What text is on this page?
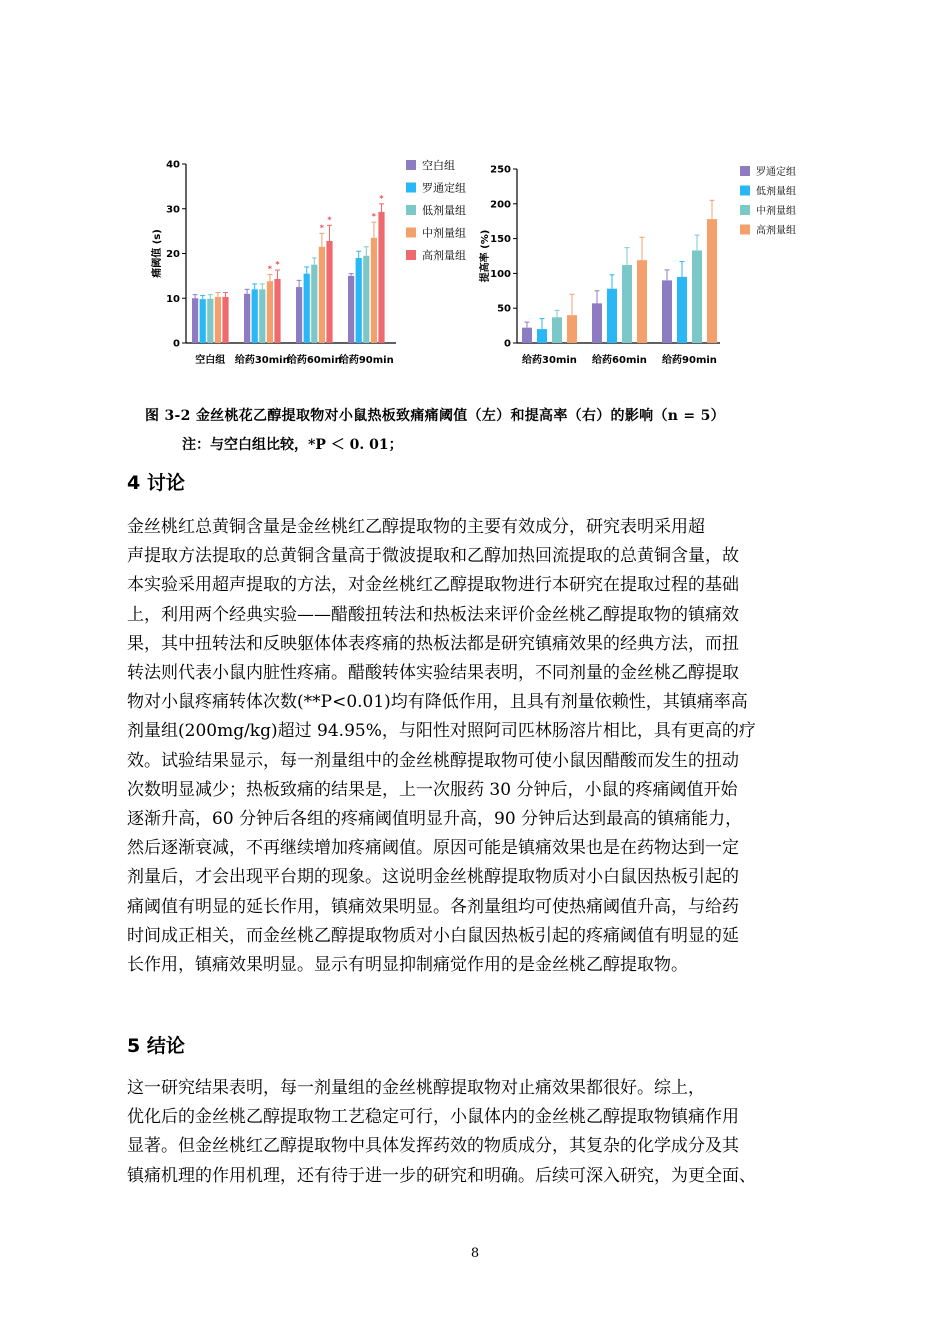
0
10
20
30
40
痛阈值 (s)
空白组
* *
给药30min
*
*
给药60min
*
*
给药90min
空白组
罗通定组
低剂量组
中剂量组
高剂量组
0
50
100
150
200
250
提高率 (%)
给药30min 给药60min 给药90min
罗通定组
低剂量组
中剂量组
高剂量组
图 3-2 金丝桃花乙醇提取物对小鼠热板致痛痛阈值（左）和提高率（右）的影响（n = 5）
注：与空白组比较，*P ＜ 0. 01；
4 讨论

金丝桃红总黄铜含量是金丝桃红乙醇提取物的主要有效成分，研究表明采用超

声提取方法提取的总黄铜含量高于微波提取和乙醇加热回流提取的总黄铜含量，故

本实验采用超声提取的方法，对金丝桃红乙醇提取物进行本研究在提取过程的基础

上，利用两个经典实验——醋酸扭转法和热板法来评价金丝桃乙醇提取物的镇痛效

果，其中扭转法和反映躯体体表疼痛的热板法都是研究镇痛效果的经典方法，而扭

转法则代表小鼠内脏性疼痛。醋酸转体实验结果表明，不同剂量的金丝桃乙醇提取

物对小鼠疼痛转体次数(**P<0.01)均有降低作用，且具有剂量依赖性，其镇痛率高

剂量组(200mg/kg)超过 94.95%，与阳性对照阿司匹林肠溶片相比，具有更高的疗

效。试验结果显示，每一剂量组中的金丝桃醇提取物可使小鼠因醋酸而发生的扭动

次数明显减少；热板致痛的结果是，上一次服药 30 分钟后，小鼠的疼痛阈值开始

逐渐升高，60 分钟后各组的疼痛阈值明显升高，90 分钟后达到最高的镇痛能力，

然后逐渐衰减，不再继续增加疼痛阈值。原因可能是镇痛效果也是在药物达到一定

剂量后，才会出现平台期的现象。这说明金丝桃醇提取物质对小白鼠因热板引起的

痛阈值有明显的延长作用，镇痛效果明显。各剂量组均可使热痛阈值升高，与给药

时间成正相关，而金丝桃乙醇提取物质对小白鼠因热板引起的疼痛阈值有明显的延

长作用，镇痛效果明显。显示有明显抑制痛觉作用的是金丝桃乙醇提取物。

5 结论

这一研究结果表明，每一剂量组的金丝桃醇提取物对止痛效果都很好。综上，

优化后的金丝桃乙醇提取物工艺稳定可行，小鼠体内的金丝桃乙醇提取物镇痛作用

显著。但金丝桃红乙醇提取物中具体发挥药效的物质成分，其复杂的化学成分及其

镇痛机理的作用机理，还有待于进一步的研究和明确。后续可深入研究，为更全面、

8
